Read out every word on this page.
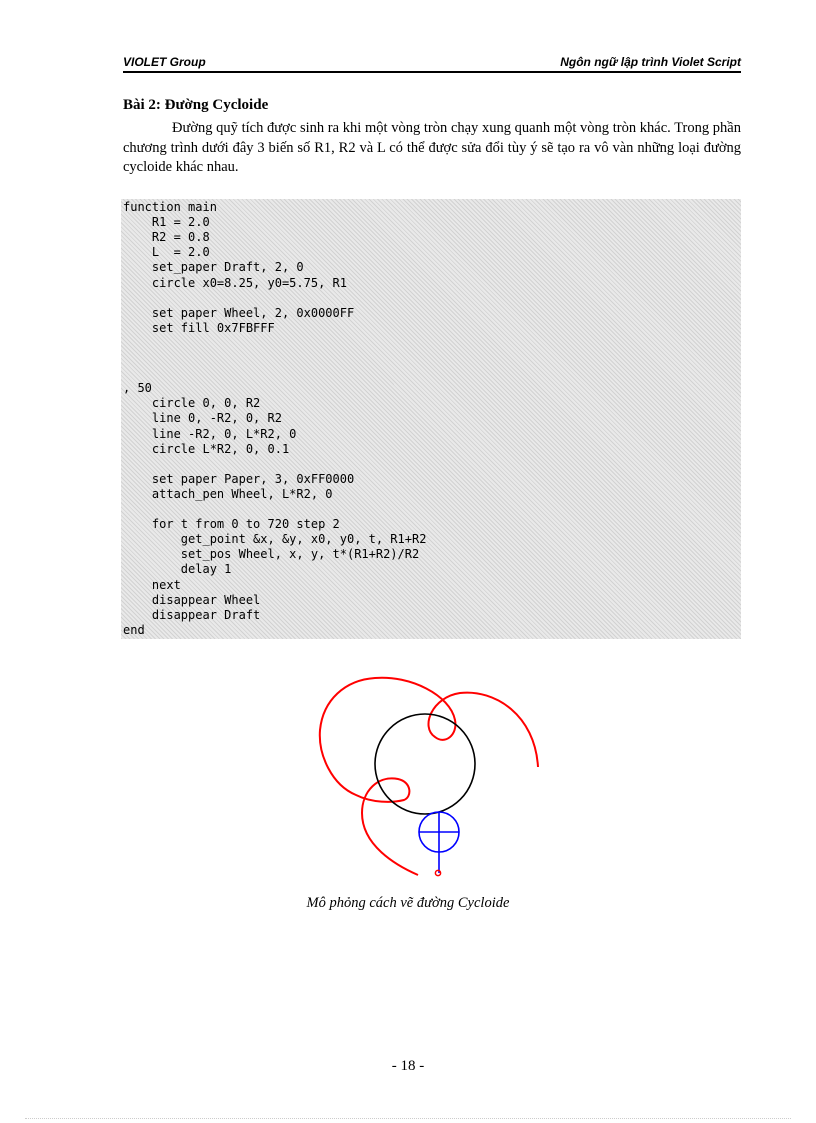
VIOLET Group	Ngôn ngữ lập trình Violet Script
Bài 2: Đường Cycloide

Đường quỹ tích được sinh ra khi một vòng tròn chạy xung quanh một vòng tròn khác. Trong phần chương trình dưới đây 3 biến số R1, R2 và L có thể được sửa đổi tùy ý sẽ tạo ra vô vàn những loại đường cycloide khác nhau.

function main
R1 = 2.0
R2 = 0.8
L  = 2.0
set_paper Draft, 2, 0
circle x0=8.25, y0=5.75, R1
set paper Wheel, 2, 0x0000FF
set fill 0x7FBFFF
, 50
circle 0, 0, R2
line 0, -R2, 0, R2
line -R2, 0, L*R2, 0
circle L*R2, 0, 0.1
set paper Paper, 3, 0xFF0000
attach_pen Wheel, L*R2, 0
for t from 0 to 720 step 2
get_point &x, &y, x0, y0, t, R1+R2
set_pos Wheel, x, y, t*(R1+R2)/R2
delay 1
next
disappear Wheel
disappear Draft
end
Mô phỏng cách vẽ đường Cycloide
- 18 -
